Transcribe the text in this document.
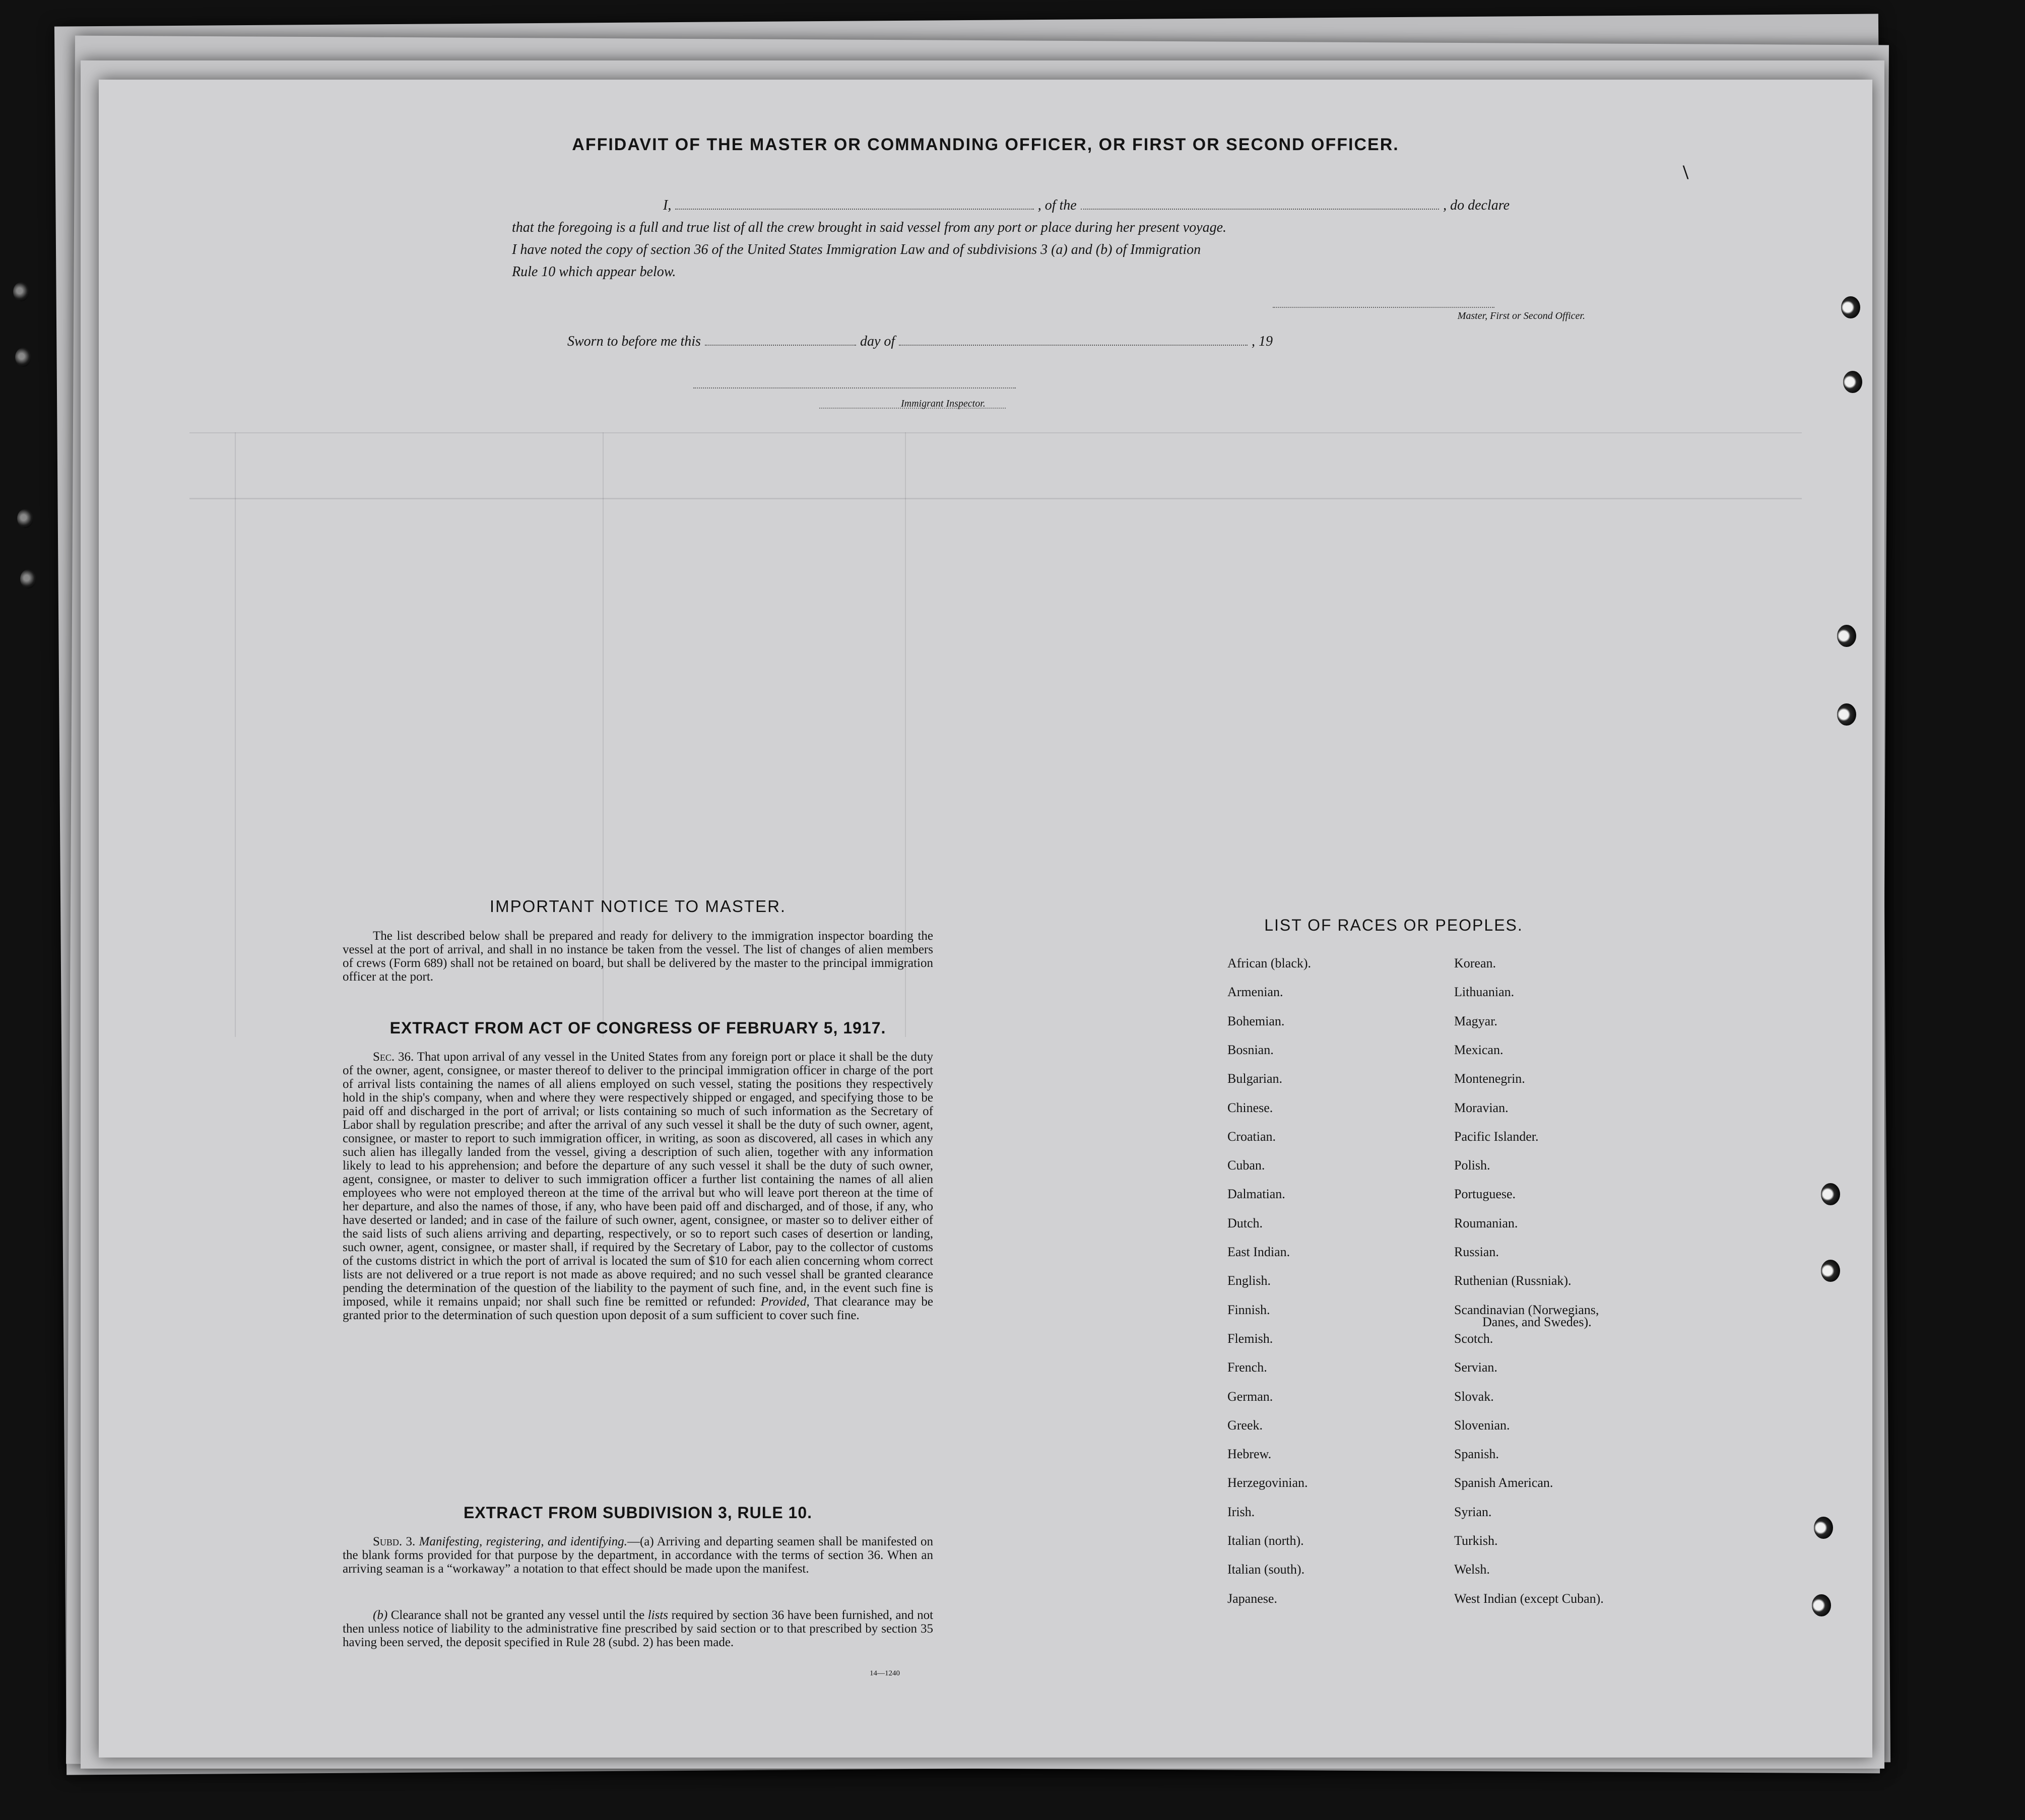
AFFIDAVIT OF THE MASTER OR COMMANDING OFFICER, OR FIRST OR SECOND OFFICER.
I,	, of the	, do declare
that the foregoing is a full and true list of all the crew brought in said vessel from any port or place during her present voyage.
I have noted the copy of section 36 of the United States Immigration Law and of subdivisions 3 (a) and (b) of Immigration
Rule 10 which appear below.
Master, First or Second Officer.
Sworn to before me this	day of	, 19
Immigrant Inspector.
IMPORTANT NOTICE TO MASTER.
The list described below shall be prepared and ready for delivery to the immigration inspector boarding the vessel at the port of arrival, and shall in no instance be taken from the vessel. The list of changes of alien members of crews (Form 689) shall not be retained on board, but shall be delivered by the master to the principal immigration officer at the port.
EXTRACT FROM ACT OF CONGRESS OF FEBRUARY 5, 1917.
Sec. 36. That upon arrival of any vessel in the United States from any foreign port or place it shall be the duty of the owner, agent, consignee, or master thereof to deliver to the principal immigration officer in charge of the port of arrival lists containing the names of all aliens employed on such vessel, stating the positions they respectively hold in the ship's company, when and where they were respectively shipped or engaged, and specifying those to be paid off and discharged in the port of arrival; or lists containing so much of such information as the Secretary of Labor shall by regulation prescribe; and after the arrival of any such vessel it shall be the duty of such owner, agent, consignee, or master to report to such immigration officer, in writing, as soon as discovered, all cases in which any such alien has illegally landed from the vessel, giving a description of such alien, together with any information likely to lead to his apprehension; and before the departure of any such vessel it shall be the duty of such owner, agent, consignee, or master to deliver to such immigration officer a further list containing the names of all alien employees who were not employed thereon at the time of the arrival but who will leave port thereon at the time of her departure, and also the names of those, if any, who have been paid off and discharged, and of those, if any, who have deserted or landed; and in case of the failure of such owner, agent, consignee, or master so to deliver either of the said lists of such aliens arriving and departing, respectively, or so to report such cases of desertion or landing, such owner, agent, consignee, or master shall, if required by the Secretary of Labor, pay to the collector of customs of the customs district in which the port of arrival is located the sum of $10 for each alien concerning whom correct lists are not delivered or a true report is not made as above required; and no such vessel shall be granted clearance pending the determination of the question of the liability to the payment of such fine, and, in the event such fine is imposed, while it remains unpaid; nor shall such fine be remitted or refunded: Provided, That clearance may be granted prior to the determination of such question upon deposit of a sum sufficient to cover such fine.
EXTRACT FROM SUBDIVISION 3, RULE 10.
Subd. 3. Manifesting, registering, and identifying.—(a) Arriving and departing seamen shall be manifested on the blank forms provided for that purpose by the department, in accordance with the terms of section 36. When an arriving seaman is a “workaway” a notation to that effect should be made upon the manifest.
(b) Clearance shall not be granted any vessel until the lists required by section 36 have been furnished, and not then unless notice of liability to the administrative fine prescribed by said section or to that prescribed by section 35 having been served, the deposit specified in Rule 28 (subd. 2) has been made.
14—1240
LIST OF RACES OR PEOPLES.
African (black).
Armenian.
Bohemian.
Bosnian.
Bulgarian.
Chinese.
Croatian.
Cuban.
Dalmatian.
Dutch.
East Indian.
English.
Finnish.
Flemish.
French.
German.
Greek.
Hebrew.
Herzegovinian.
Irish.
Italian (north).
Italian (south).
Japanese.
Korean.
Lithuanian.
Magyar.
Mexican.
Montenegrin.
Moravian.
Pacific Islander.
Polish.
Portuguese.
Roumanian.
Russian.
Ruthenian (Russniak).
Scandinavian (Norwegians,
Danes, and Swedes).
Scotch.
Servian.
Slovak.
Slovenian.
Spanish.
Spanish American.
Syrian.
Turkish.
Welsh.
West Indian (except Cuban).
\
